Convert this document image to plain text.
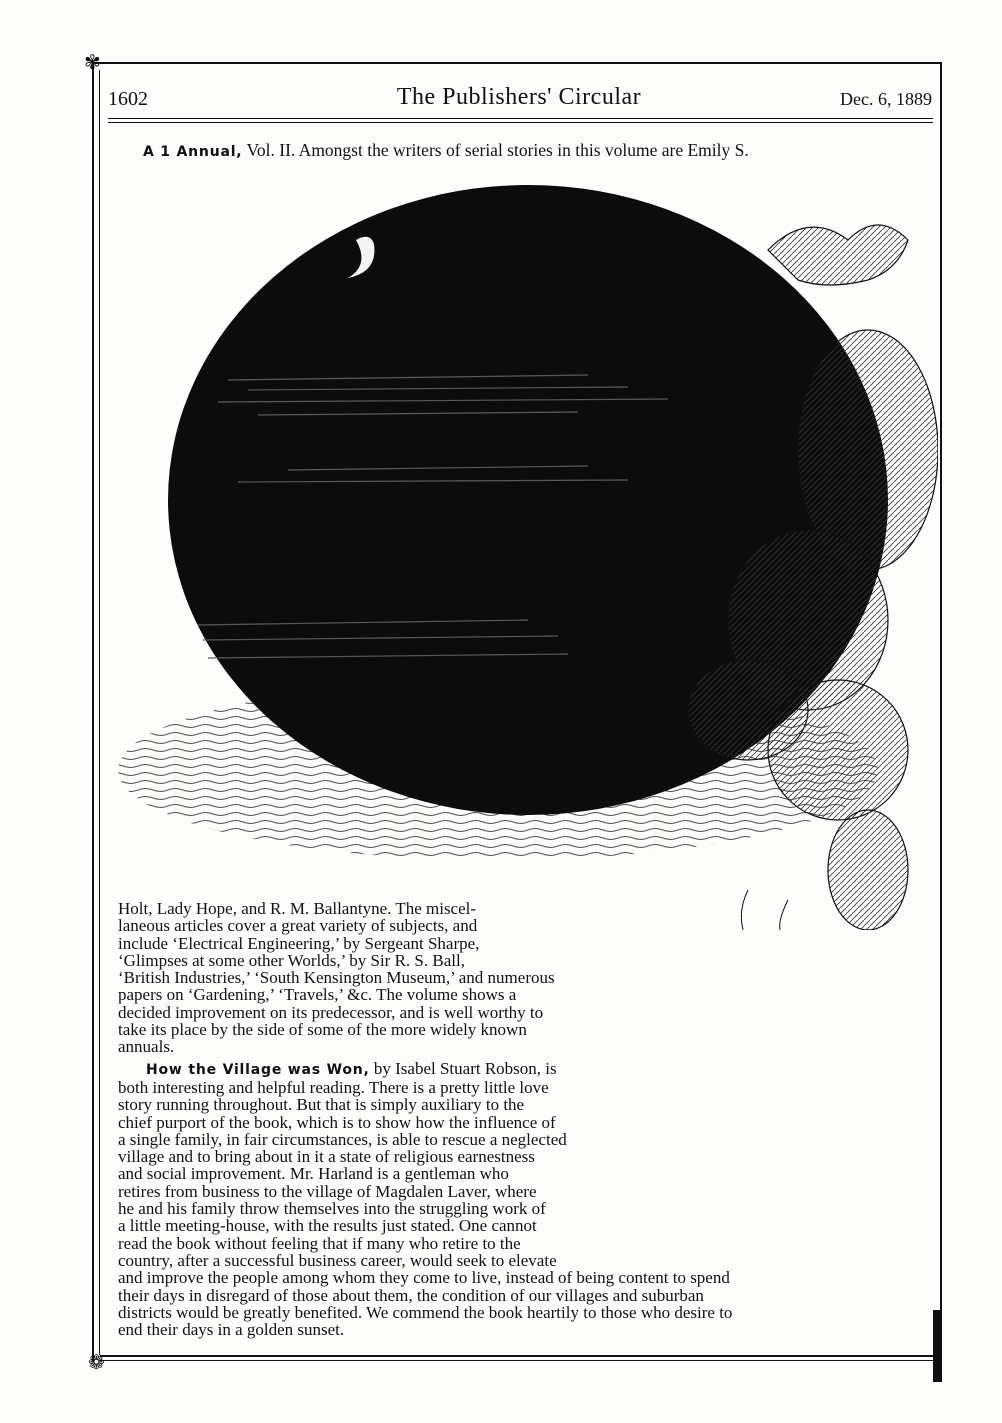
✾
❁
1602	The Publishers' Circular	Dec. 6, 1889
A 1 Annual, Vol. II. Amongst the writers of serial stories in this volume are Emily S.
Holt, Lady Hope, and R. M. Ballantyne. The miscel-
laneous articles cover a great variety of subjects, and
include ‘Electrical Engineering,’ by Sergeant Sharpe,
‘Glimpses at some other Worlds,’ by Sir R. S. Ball,
‘British Industries,’ ‘South Kensington Museum,’ and numerous
papers on ‘Gardening,’ ‘Travels,’ &c. The volume shows a
decided improvement on its predecessor, and is well worthy to
take its place by the side of some of the more widely known
annuals.
How the Village was Won, by Isabel Stuart Robson, is
both interesting and helpful reading. There is a pretty little love
story running throughout. But that is simply auxiliary to the
chief purport of the book, which is to show how the influence of
a single family, in fair circumstances, is able to rescue a neglected
village and to bring about in it a state of religious earnestness
and social improvement. Mr. Harland is a gentleman who
retires from business to the village of Magdalen Laver, where
he and his family throw themselves into the struggling work of
a little meeting-house, with the results just stated. One cannot
read the book without feeling that if many who retire to the
country, after a successful business career, would seek to elevate
and improve the people among whom they come to live, instead of being content to spend
their days in disregard of those about them, the condition of our villages and suburban
districts would be greatly benefited. We commend the book heartily to those who desire to
end their days in a golden sunset.
